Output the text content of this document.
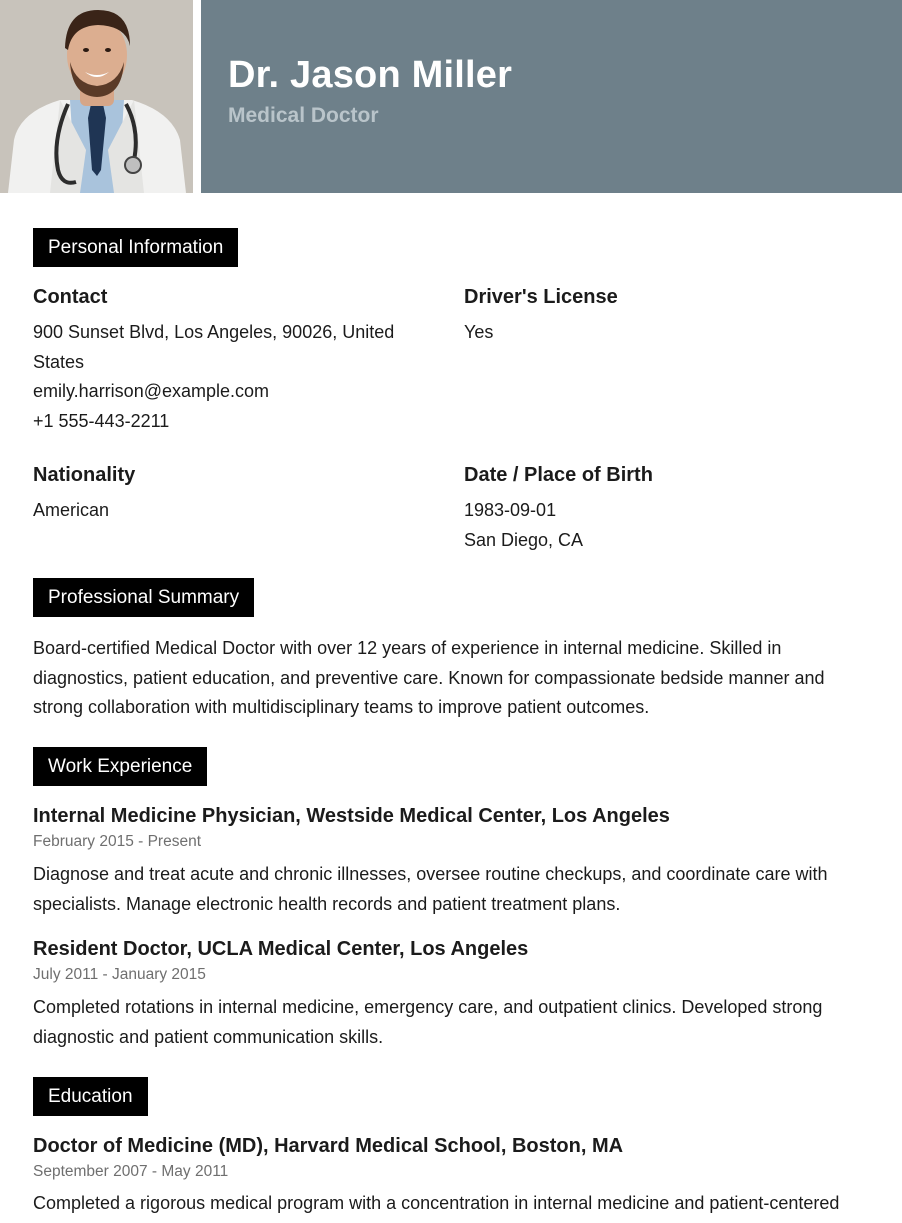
Dr. Jason Miller
Medical Doctor
Personal Information
Contact
900 Sunset Blvd, Los Angeles, 90026, United
States
emily.harrison@example.com
+1 555-443-2211
Driver's License
Yes
Nationality
American
Date / Place of Birth
1983-09-01
San Diego, CA
Professional Summary
Board-certified Medical Doctor with over 12 years of experience in internal medicine. Skilled in
diagnostics, patient education, and preventive care. Known for compassionate bedside manner and
strong collaboration with multidisciplinary teams to improve patient outcomes.
Work Experience
Internal Medicine Physician, Westside Medical Center, Los Angeles
February 2015 - Present
Diagnose and treat acute and chronic illnesses, oversee routine checkups, and coordinate care with
specialists. Manage electronic health records and patient treatment plans.
Resident Doctor, UCLA Medical Center, Los Angeles
July 2011 - January 2015
Completed rotations in internal medicine, emergency care, and outpatient clinics. Developed strong
diagnostic and patient communication skills.
Education
Doctor of Medicine (MD), Harvard Medical School, Boston, MA
September 2007 - May 2011
Completed a rigorous medical program with a concentration in internal medicine and patient-centered
